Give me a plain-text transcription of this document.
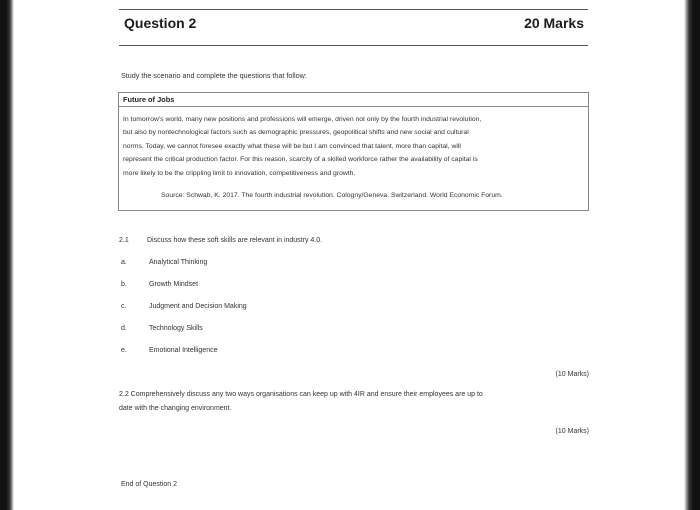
Question 2	20 Marks
Study the scenario and complete the questions that follow:
Future of Jobs
In tomorrow's world, many new positions and professions will emerge, driven not only by the fourth industrial revolution,
but also by nontechnological factors such as demographic pressures, geopolitical shifts and new social and cultural
norms. Today, we cannot foresee exactly what these will be but I am convinced that talent, more than capital, will
represent the critical production factor. For this reason, scarcity of a skilled workforce rather the availability of capital is
more likely to be the crippling limit to innovation, competitiveness and growth.
Source: Schwab, K. 2017. The fourth industrial revolution. Cologny/Geneva. Switzerland. World Economic Forum.
2.1	Discuss how these soft skills are relevant in industry 4.0.
a.	Analytical Thinking
b.	Growth Mindset
c.	Judgment and Decision Making
d.	Technology Skills
e.	Emotional Intelligence
(10 Marks)
2.2 Comprehensively discuss any two ways organisations can keep up with 4IR and ensure their employees are up to
date with the changing environment.
(10 Marks)
End of Question 2
